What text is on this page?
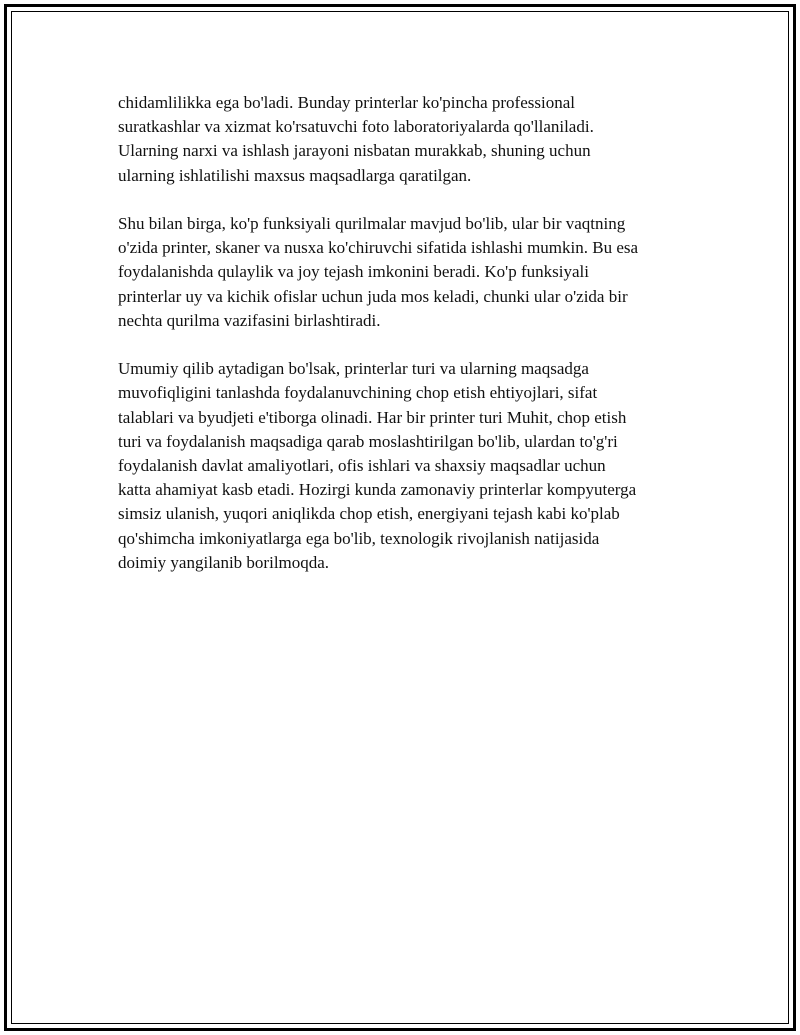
chidamlilikka ega bo'ladi. Bunday printerlar ko'pincha professional
suratkashlar va xizmat ko'rsatuvchi foto laboratoriyalarda qo'llaniladi.
Ularning narxi va ishlash jarayoni nisbatan murakkab, shuning uchun
ularning ishlatilishi maxsus maqsadlarga qaratilgan.

Shu bilan birga, ko'p funksiyali qurilmalar mavjud bo'lib, ular bir vaqtning
o'zida printer, skaner va nusxa ko'chiruvchi sifatida ishlashi mumkin. Bu esa
foydalanishda qulaylik va joy tejash imkonini beradi. Ko'p funksiyali
printerlar uy va kichik ofislar uchun juda mos keladi, chunki ular o'zida bir
nechta qurilma vazifasini birlashtiradi.

Umumiy qilib aytadigan bo'lsak, printerlar turi va ularning maqsadga
muvofiqligini tanlashda foydalanuvchining chop etish ehtiyojlari, sifat
talablari va byudjeti e'tiborga olinadi. Har bir printer turi Muhit, chop etish
turi va foydalanish maqsadiga qarab moslashtirilgan bo'lib, ulardan to'g'ri
foydalanish davlat amaliyotlari, ofis ishlari va shaxsiy maqsadlar uchun
katta ahamiyat kasb etadi. Hozirgi kunda zamonaviy printerlar kompyuterga
simsiz ulanish, yuqori aniqlikda chop etish, energiyani tejash kabi ko'plab
qo'shimcha imkoniyatlarga ega bo'lib, texnologik rivojlanish natijasida
doimiy yangilanib borilmoqda.
